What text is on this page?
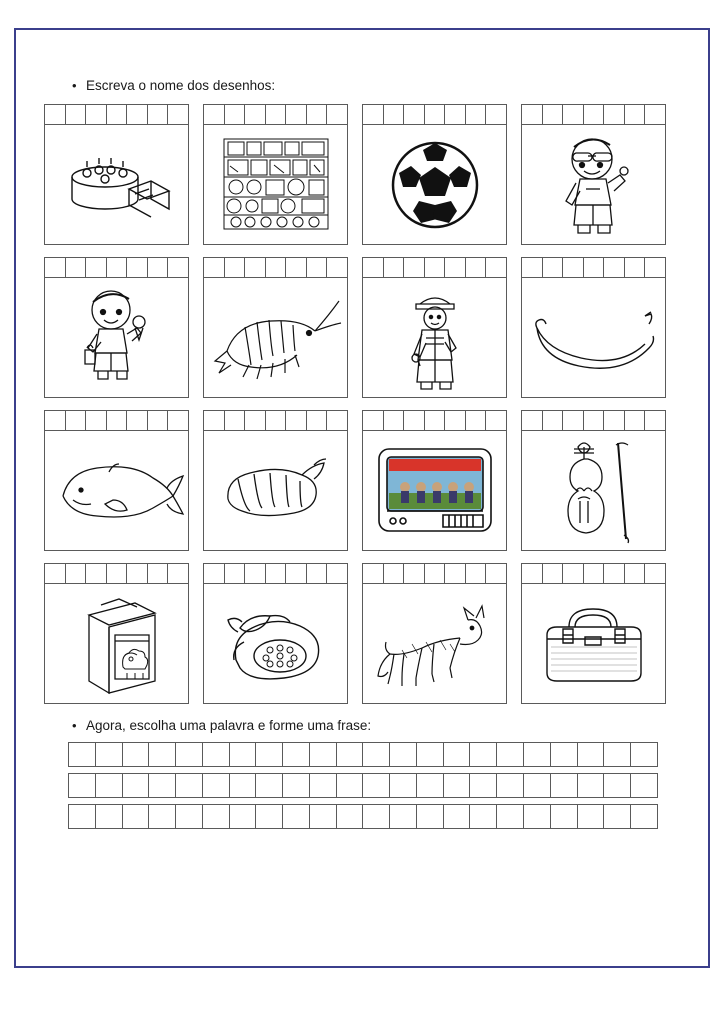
• Escreva o nome dos desenhos:
• Agora, escolha uma palavra e forme uma frase:
